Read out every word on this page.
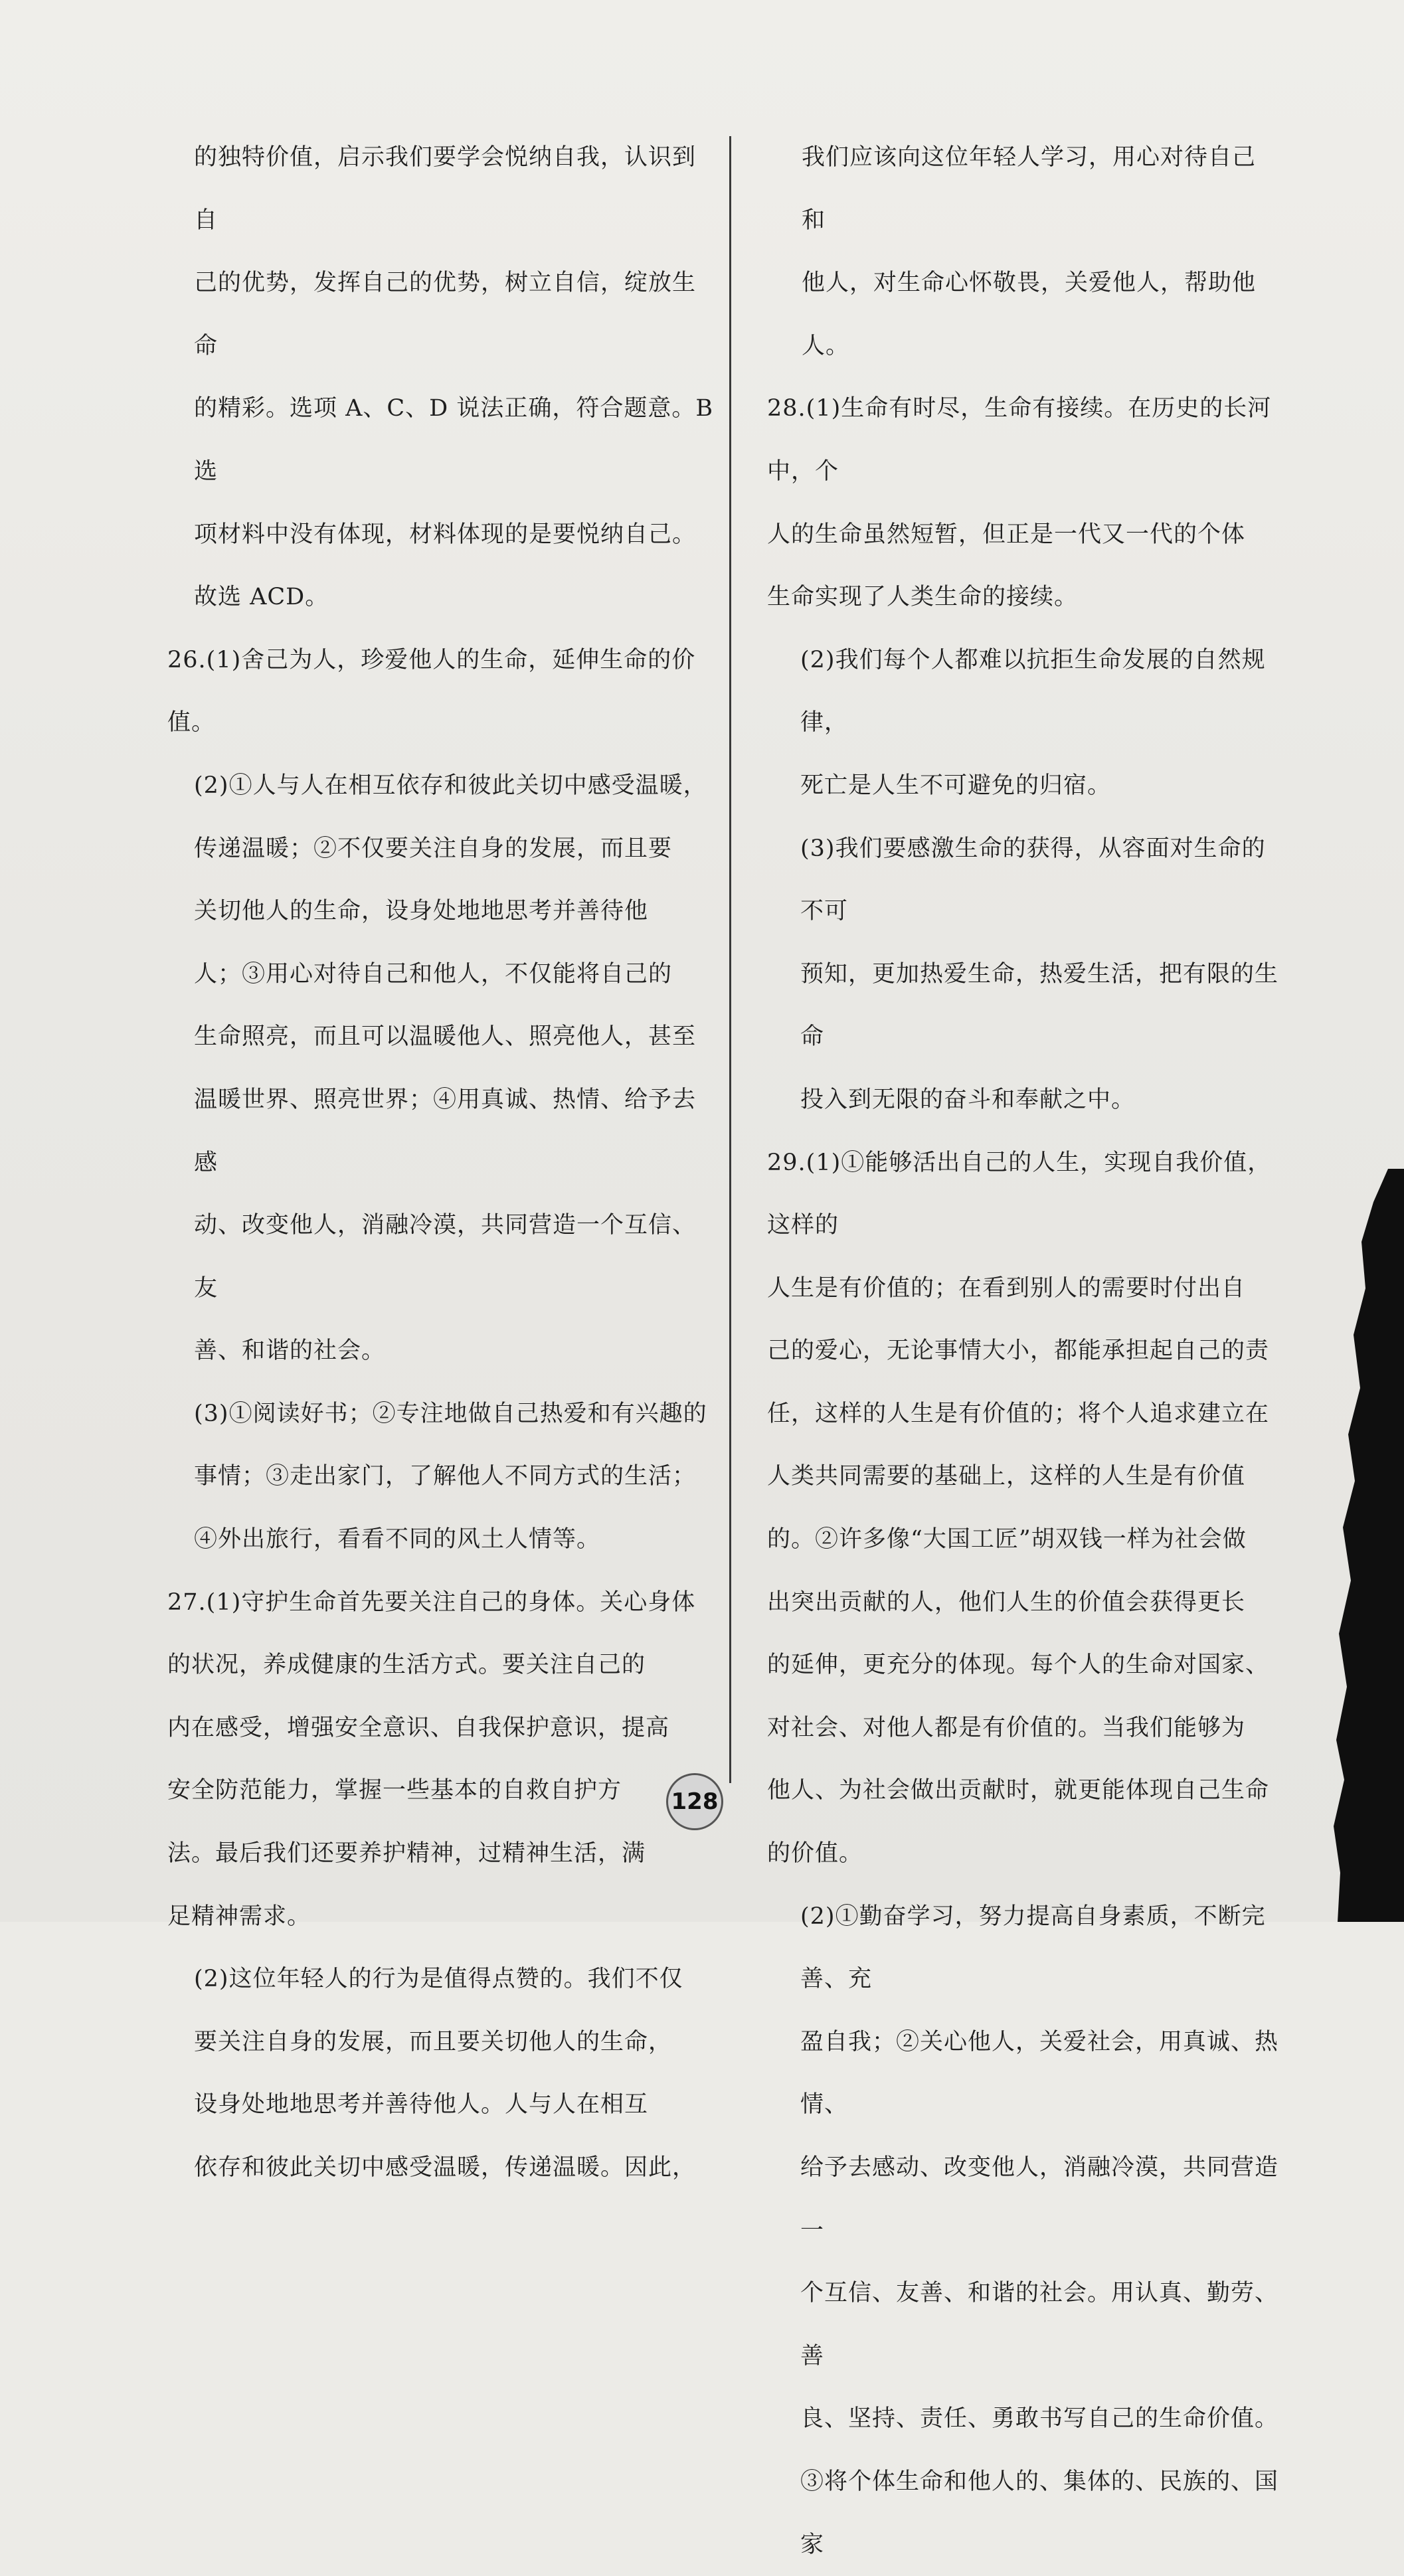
的独特价值，启示我们要学会悦纳自我，认识到自
己的优势，发挥自己的优势，树立自信，绽放生命
的精彩。选项 A、C、D 说法正确，符合题意。B 选
项材料中没有体现，材料体现的是要悦纳自己。
故选 ACD。
26.(1)舍己为人，珍爱他人的生命，延伸生命的价值。
(2)①人与人在相互依存和彼此关切中感受温暖，
传递温暖；②不仅要关注自身的发展，而且要
关切他人的生命，设身处地地思考并善待他
人；③用心对待自己和他人，不仅能将自己的
生命照亮，而且可以温暖他人、照亮他人，甚至
温暖世界、照亮世界；④用真诚、热情、给予去感
动、改变他人，消融冷漠，共同营造一个互信、友
善、和谐的社会。
(3)①阅读好书；②专注地做自己热爱和有兴趣的
事情；③走出家门，了解他人不同方式的生活；
④外出旅行，看看不同的风土人情等。
27.(1)守护生命首先要关注自己的身体。关心身体
的状况，养成健康的生活方式。要关注自己的
内在感受，增强安全意识、自我保护意识，提高
安全防范能力，掌握一些基本的自救自护方
法。最后我们还要养护精神，过精神生活，满
足精神需求。
(2)这位年轻人的行为是值得点赞的。我们不仅
要关注自身的发展，而且要关切他人的生命，
设身处地地思考并善待他人。人与人在相互
依存和彼此关切中感受温暖，传递温暖。因此，
我们应该向这位年轻人学习，用心对待自己和
他人，对生命心怀敬畏，关爱他人，帮助他人。
28.(1)生命有时尽，生命有接续。在历史的长河中，个
人的生命虽然短暂，但正是一代又一代的个体
生命实现了人类生命的接续。
(2)我们每个人都难以抗拒生命发展的自然规律，
死亡是人生不可避免的归宿。
(3)我们要感激生命的获得，从容面对生命的不可
预知，更加热爱生命，热爱生活，把有限的生命
投入到无限的奋斗和奉献之中。
29.(1)①能够活出自己的人生，实现自我价值，这样的
人生是有价值的；在看到别人的需要时付出自
己的爱心，无论事情大小，都能承担起自己的责
任，这样的人生是有价值的；将个人追求建立在
人类共同需要的基础上，这样的人生是有价值
的。②许多像“大国工匠”胡双钱一样为社会做
出突出贡献的人，他们人生的价值会获得更长
的延伸，更充分的体现。每个人的生命对国家、
对社会、对他人都是有价值的。当我们能够为
他人、为社会做出贡献时，就更能体现自己生命
的价值。
(2)①勤奋学习，努力提高自身素质，不断完善、充
盈自我；②关心他人，关爱社会，用真诚、热情、
给予去感动、改变他人，消融冷漠，共同营造一
个互信、友善、和谐的社会。用认真、勤劳、善
良、坚持、责任、勇敢书写自己的生命价值。
③将个体生命和他人的、集体的、民族的、国家
128
